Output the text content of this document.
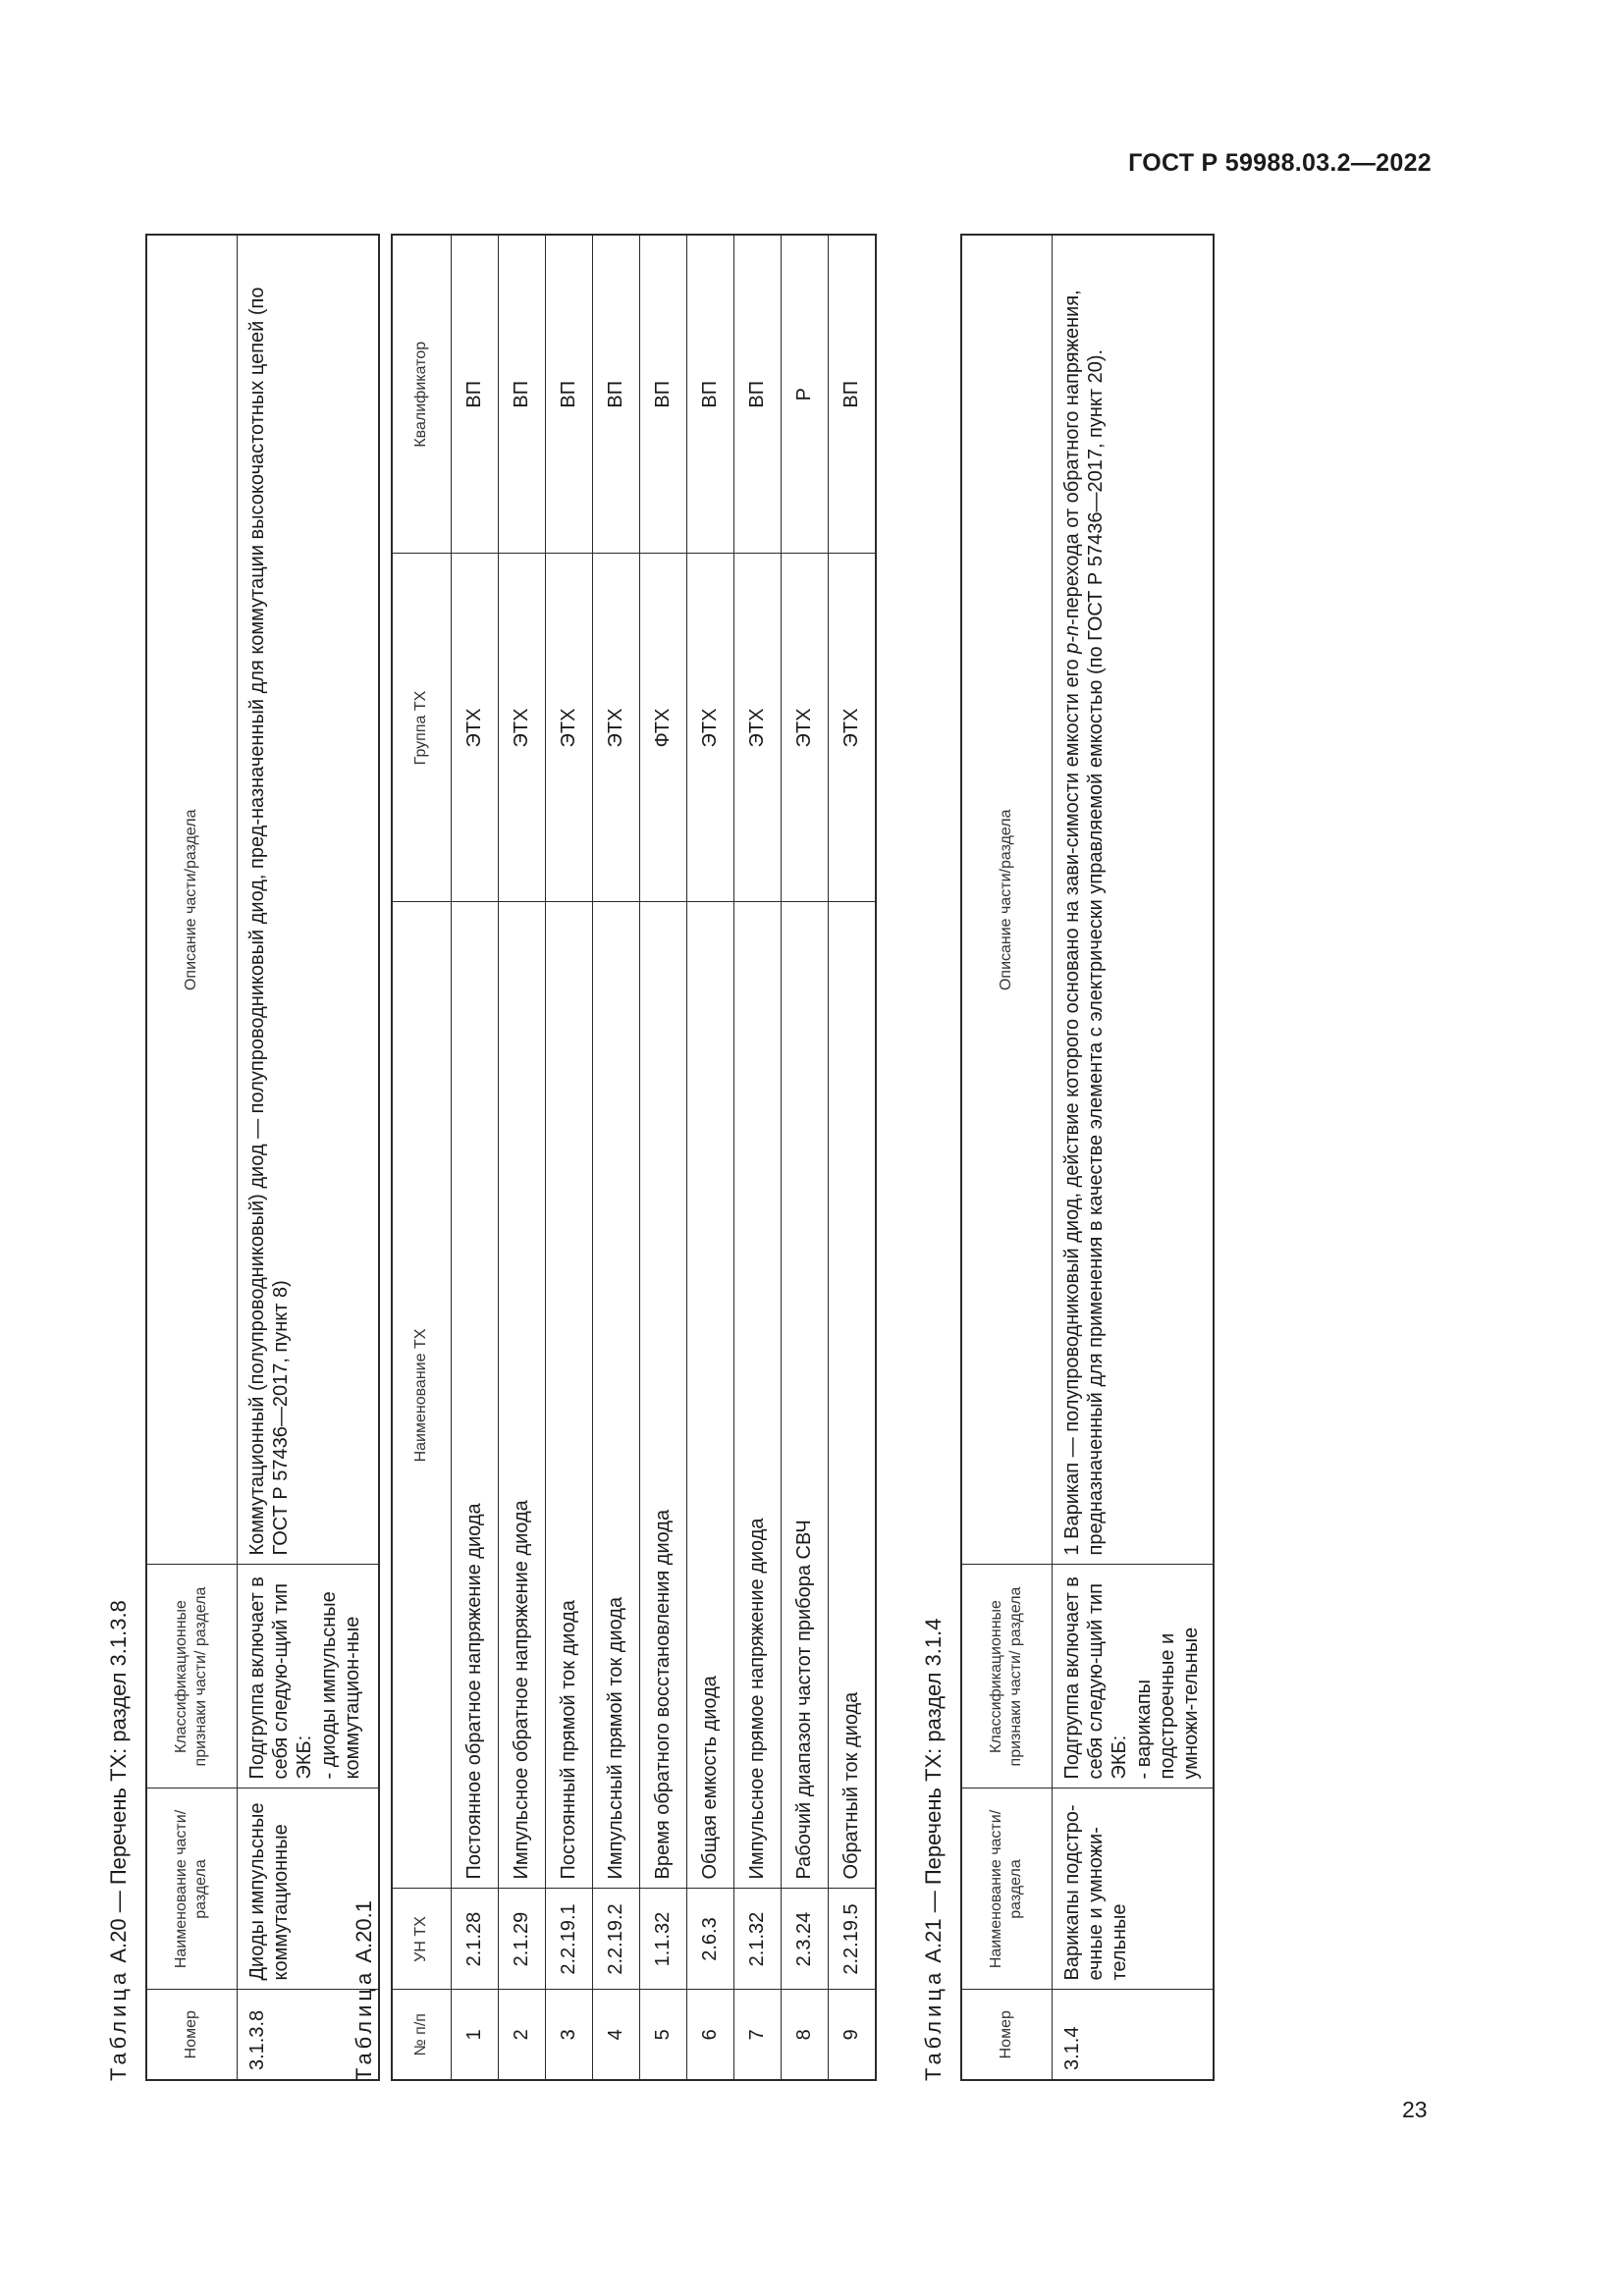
ГОСТ Р 59988.03.2—2022
Таблица А.20 — Перечень ТХ: раздел 3.1.3.8
Номер	Наименование части/ раздела	Классификационные признаки части/ раздела	Описание части/раздела
3.1.3.8	Диоды импульсные коммутационные	Подгруппа включает в себя следую-щий тип ЭКБ: - диоды импульсные коммутацион-ные	Коммутационный (полупроводниковый) диод — полупроводниковый диод, пред-назначенный для коммутации высокочастотных цепей (по ГОСТ Р 57436—2017, пункт 8)
Таблица А.20.1
№ п/п	УН ТХ	Наименование ТХ	Группа ТХ	Квалификатор
1	2.1.28	Постоянное обратное напряжение диода	ЭТХ	ВП
2	2.1.29	Импульсное обратное напряжение диода	ЭТХ	ВП
3	2.2.19.1	Постоянный прямой ток диода	ЭТХ	ВП
4	2.2.19.2	Импульсный прямой ток диода	ЭТХ	ВП
5	1.1.32	Время обратного восстановления диода	ФТХ	ВП
6	2.6.3	Общая емкость диода	ЭТХ	ВП
7	2.1.32	Импульсное прямое напряжение диода	ЭТХ	ВП
8	2.3.24	Рабочий диапазон частот прибора СВЧ	ЭТХ	Р
9	2.2.19.5	Обратный ток диода	ЭТХ	ВП
Таблица А.21 — Перечень ТХ: раздел 3.1.4
Номер	Наименование части/ раздела	Классификационные признаки части/ раздела	Описание части/раздела
3.1.4	Варикапы подстро-ечные и умножи-тельные	Подгруппа включает в себя следую-щий тип ЭКБ: - варикапы подстроечные и умножи-тельные	1 Варикап — полупроводниковый диод, действие которого основано на зави-симости емкости его p-n-перехода от обратного напряжения, предназначенный для применения в качестве элемента с электрически управляемой емкостью (по ГОСТ Р 57436—2017, пункт 20).
23
